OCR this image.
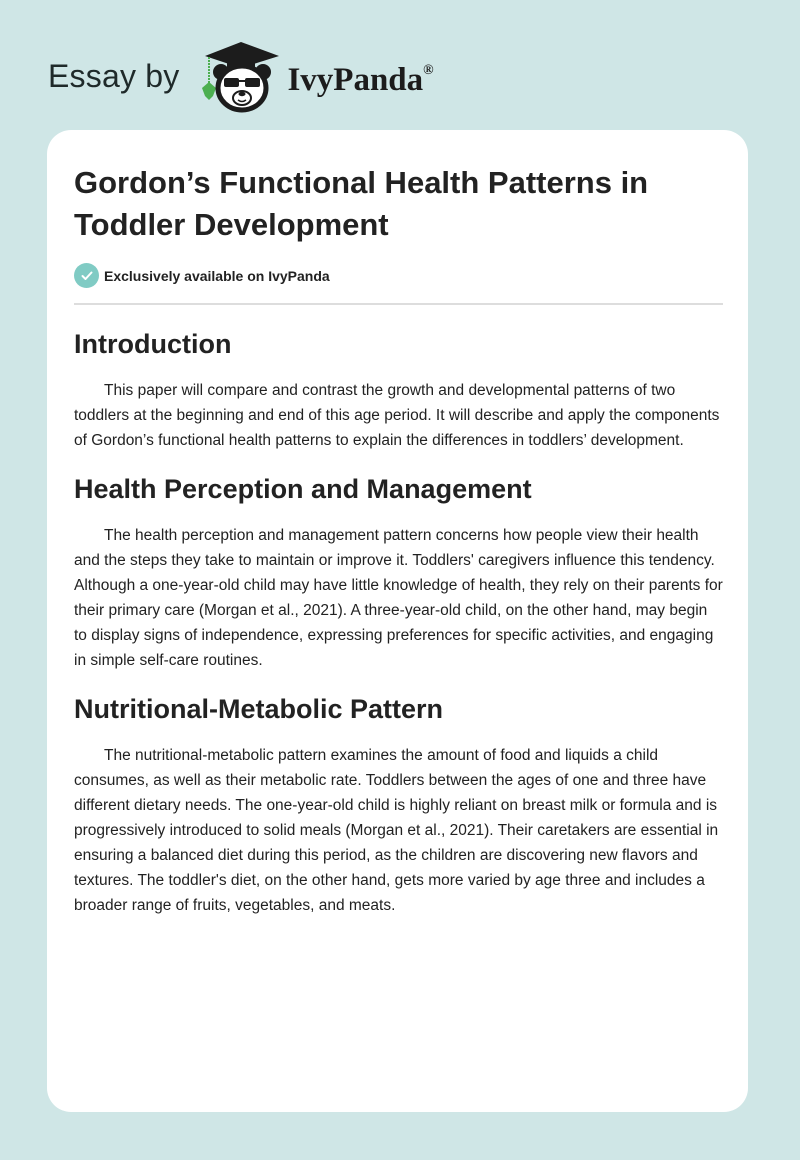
Essay by	IvyPanda®
Gordon’s Functional Health Patterns in Toddler Development
Exclusively available on IvyPanda
Introduction

This paper will compare and contrast the growth and developmental patterns of two toddlers at the beginning and end of this age period. It will describe and apply the components of Gordon’s functional health patterns to explain the differences in toddlers’ development.

Health Perception and Management

The health perception and management pattern concerns how people view their health and the steps they take to maintain or improve it. Toddlers' caregivers influence this tendency. Although a one-year-old child may have little knowledge of health, they rely on their parents for their primary care (Morgan et al., 2021). A three-year-old child, on the other hand, may begin to display signs of independence, expressing preferences for specific activities, and engaging in simple self-care routines.

Nutritional-Metabolic Pattern

The nutritional-metabolic pattern examines the amount of food and liquids a child consumes, as well as their metabolic rate. Toddlers between the ages of one and three have different dietary needs. The one-year-old child is highly reliant on breast milk or formula and is progressively introduced to solid meals (Morgan et al., 2021). Their caretakers are essential in ensuring a balanced diet during this period, as the children are discovering new flavors and textures. The toddler's diet, on the other hand, gets more varied by age three and includes a broader range of fruits, vegetables, and meats.
